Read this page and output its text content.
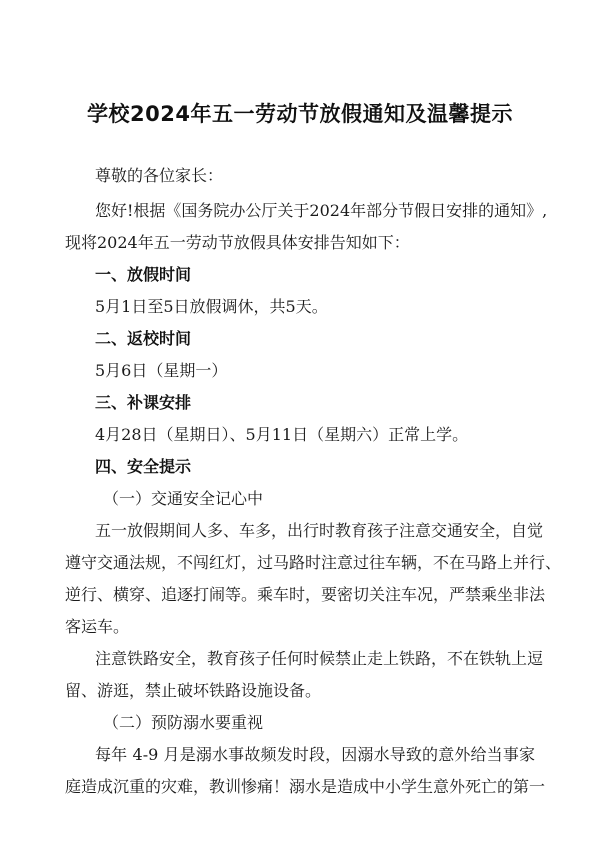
学校2024年五一劳动节放假通知及温馨提示
尊敬的各位家长：
您好!根据《国务院办公厅关于2024年部分节假日安排的通知》,
现将2024年五一劳动节放假具体安排告知如下：
一、放假时间
5月1日至5日放假调休，共5天。
二、返校时间
5月6日（星期一）
三、补课安排
4月28日（星期日）、5月11日（星期六）正常上学。
四、安全提示
（一）交通安全记心中
五一放假期间人多、车多，出行时教育孩子注意交通安全，自觉
遵守交通法规，不闯红灯，过马路时注意过往车辆，不在马路上并行、
逆行、横穿、追逐打闹等。乘车时，要密切关注车况，严禁乘坐非法
客运车。
注意铁路安全，教育孩子任何时候禁止走上铁路，不在铁轨上逗
留、游逛，禁止破坏铁路设施设备。
（二）预防溺水要重视
每年 4-9 月是溺水事故频发时段，因溺水导致的意外给当事家
庭造成沉重的灾难，教训惨痛！溺水是造成中小学生意外死亡的第一
